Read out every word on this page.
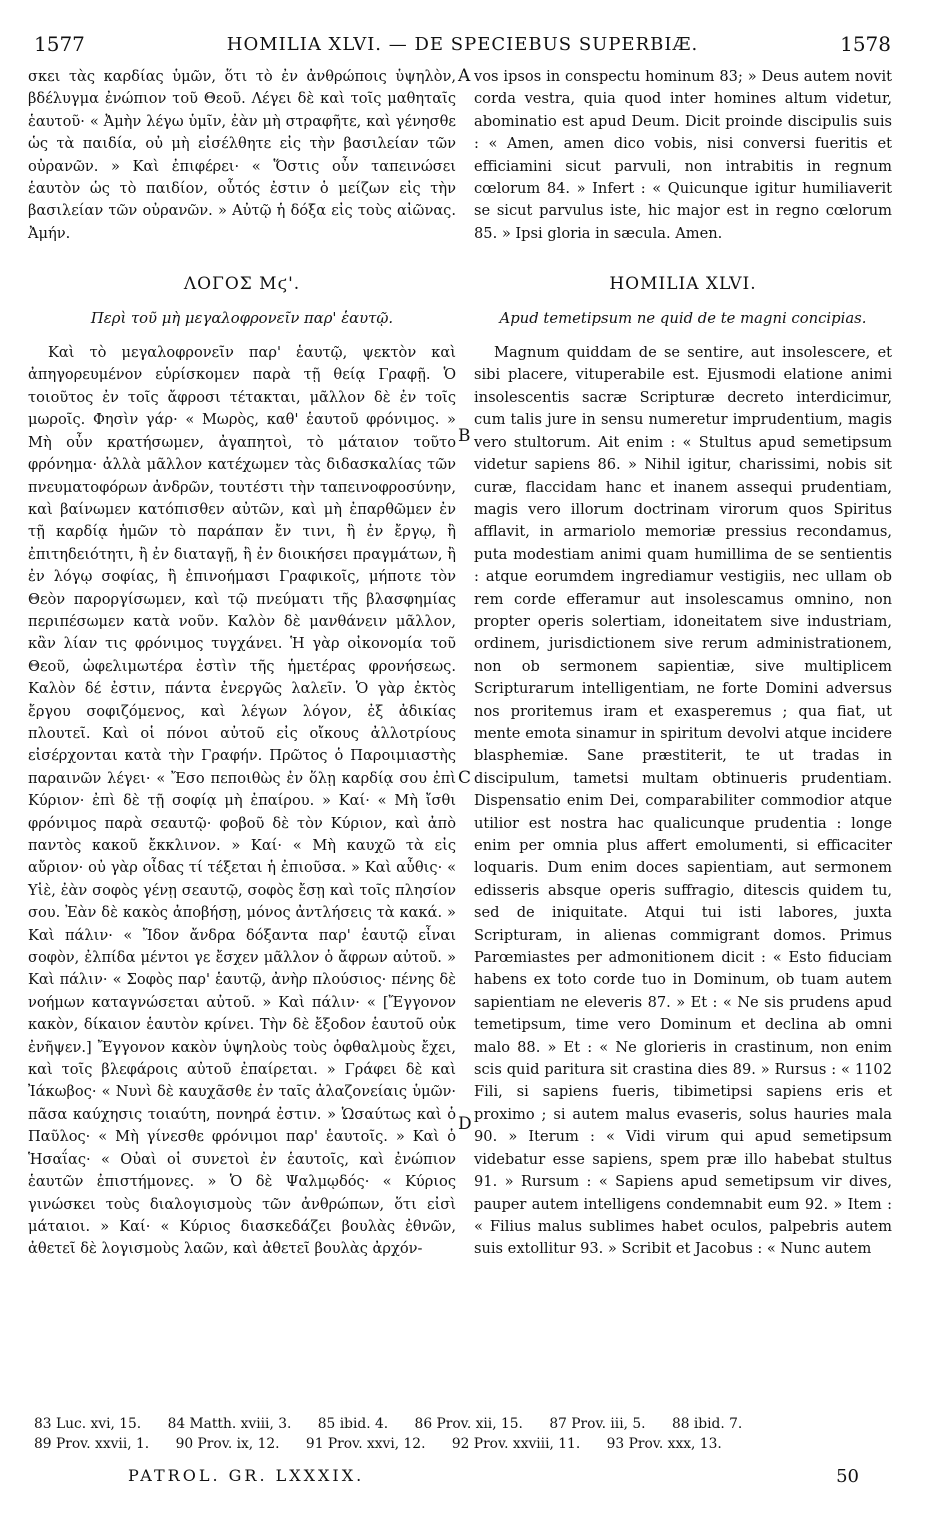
1577	HOMILIA XLVI. — DE SPECIEBUS SUPERBIÆ.	1578

σκει τὰς καρδίας ὑμῶν, ὅτι τὸ ἐν ἀνθρώποις ὑψηλὸν, βδέλυγμα ἐνώπιον τοῦ Θεοῦ. Λέγει δὲ καὶ τοῖς μαθηταῖς ἑαυτοῦ· « Ἀμὴν λέγω ὑμῖν, ἐὰν μὴ στραφῆτε, καὶ γένησθε ὡς τὰ παιδία, οὐ μὴ εἰσέλθητε εἰς τὴν βασιλείαν τῶν οὐρανῶν. » Καὶ ἐπιφέρει· « Ὅστις οὖν ταπεινώσει ἑαυτὸν ὡς τὸ παιδίον, οὗτός ἐστιν ὁ μείζων εἰς τὴν βασιλείαν τῶν οὐρανῶν. » Αὐτῷ ἡ δόξα εἰς τοὺς αἰῶνας. Ἀμήν.

ΛΟΓΟΣ Μϛ'.
Περὶ τοῦ μὴ μεγαλοφρονεῖν παρ' ἑαυτῷ.

Καὶ τὸ μεγαλοφρονεῖν παρ' ἑαυτῷ, ψεκτὸν καὶ ἀπηγορευμένον εὑρίσκομεν παρὰ τῇ θείᾳ Γραφῇ. Ὁ τοιοῦτος ἐν τοῖς ἄφροσι τέτακται, μᾶλλον δὲ ἐν τοῖς μωροῖς. Φησὶν γάρ· « Μωρὸς, καθ' ἑαυτοῦ φρόνιμος. » Μὴ οὖν κρατήσωμεν, ἀγαπητοὶ, τὸ μάταιον τοῦτο φρόνημα· ἀλλὰ μᾶλλον κατέχωμεν τὰς διδασκαλίας τῶν πνευματοφόρων ἀνδρῶν, τουτέστι τὴν ταπεινοφροσύνην, καὶ βαίνωμεν κατόπισθεν αὐτῶν, καὶ μὴ ἐπαρθῶμεν ἐν τῇ καρδίᾳ ἡμῶν τὸ παράπαν ἔν τινι, ἢ ἐν ἔργῳ, ἢ ἐπιτηδειότητι, ἢ ἐν διαταγῇ, ἢ ἐν διοικήσει πραγμάτων, ἢ ἐν λόγῳ σοφίας, ἢ ἐπινοήμασι Γραφικοῖς, μήποτε τὸν Θεὸν παροργίσωμεν, καὶ τῷ πνεύματι τῆς βλασφημίας περιπέσωμεν κατὰ νοῦν. Καλὸν δὲ μανθάνειν μᾶλλον, κἂν λίαν τις φρόνιμος τυγχάνει. Ἡ γὰρ οἰκονομία τοῦ Θεοῦ, ὠφελιμωτέρα ἐστὶν τῆς ἡμετέρας φρονήσεως. Καλὸν δέ ἐστιν, πάντα ἐνεργῶς λαλεῖν. Ὁ γὰρ ἐκτὸς ἔργου σοφιζόμενος, καὶ λέγων λόγον, ἐξ ἀδικίας πλουτεῖ. Καὶ οἱ πόνοι αὐτοῦ εἰς οἴκους ἀλλοτρίους εἰσέρχονται κατὰ τὴν Γραφήν. Πρῶτος ὁ Παροιμιαστὴς παραινῶν λέγει· « Ἔσο πεποιθὼς ἐν ὅλῃ καρδίᾳ σου ἐπὶ Κύριον· ἐπὶ δὲ τῇ σοφίᾳ μὴ ἐπαίρου. » Καί· « Μὴ ἴσθι φρόνιμος παρὰ σεαυτῷ· φοβοῦ δὲ τὸν Κύριον, καὶ ἀπὸ παντὸς κακοῦ ἔκκλινον. » Καί· « Μὴ καυχῶ τὰ εἰς αὔριον· οὐ γὰρ οἶδας τί τέξεται ἡ ἐπιοῦσα. » Καὶ αὖθις· « Υἱὲ, ἐὰν σοφὸς γένῃ σεαυτῷ, σοφὸς ἔσῃ καὶ τοῖς πλησίον σου. Ἐὰν δὲ κακὸς ἀποβήσῃ, μόνος ἀντλήσεις τὰ κακά. » Καὶ πάλιν· « Ἴδον ἄνδρα δόξαντα παρ' ἑαυτῷ εἶναι σοφὸν, ἐλπίδα μέντοι γε ἔσχεν μᾶλλον ὁ ἄφρων αὐτοῦ. » Καὶ πάλιν· « Σοφὸς παρ' ἑαυτῷ, ἀνὴρ πλούσιος· πένης δὲ νοήμων καταγνώσεται αὐτοῦ. » Καὶ πάλιν· « [Ἔγγονον κακὸν, δίκαιον ἑαυτὸν κρίνει. Τὴν δὲ ἔξοδον ἑαυτοῦ οὐκ ἐνῆψεν.] Ἔγγονον κακὸν ὑψηλοὺς τοὺς ὀφθαλμοὺς ἔχει, καὶ τοῖς βλεφάροις αὐτοῦ ἐπαίρεται. » Γράφει δὲ καὶ Ἰάκωβος· « Νυνὶ δὲ καυχᾶσθε ἐν ταῖς ἀλαζονείαις ὑμῶν· πᾶσα καύχησις τοιαύτη, πονηρά ἐστιν. » Ὡσαύτως καὶ ὁ Παῦλος· « Μὴ γίνεσθε φρόνιμοι παρ' ἑαυτοῖς. » Καὶ ὁ Ἡσαΐας· « Οὐαὶ οἱ συνετοὶ ἐν ἑαυτοῖς, καὶ ἐνώπιον ἑαυτῶν ἐπιστήμονες. » Ὁ δὲ Ψαλμῳδός· « Κύριος γινώσκει τοὺς διαλογισμοὺς τῶν ἀνθρώπων, ὅτι εἰσὶ μάταιοι. » Καί· « Κύριος διασκεδάζει βουλὰς ἐθνῶν, ἀθετεῖ δὲ λογισμοὺς λαῶν, καὶ ἀθετεῖ βουλὰς ἀρχόν-

A
B
C
D

vos ipsos in conspectu hominum 83; » Deus autem novit corda vestra, quia quod inter homines altum videtur, abominatio est apud Deum. Dicit proinde discipulis suis : « Amen, amen dico vobis, nisi conversi fueritis et efficiamini sicut parvuli, non intrabitis in regnum cœlorum 84. » Infert : « Quicunque igitur humiliaverit se sicut parvulus iste, hic major est in regno cœlorum 85. » Ipsi gloria in sæcula. Amen.

HOMILIA XLVI.
Apud temetipsum ne quid de te magni concipias.

Magnum quiddam de se sentire, aut insolescere, et sibi placere, vituperabile est. Ejusmodi elatione animi insolescentis sacræ Scripturæ decreto interdicimur, cum talis jure in sensu numeretur imprudentium, magis vero stultorum. Ait enim : « Stultus apud semetipsum videtur sapiens 86. » Nihil igitur, charissimi, nobis sit curæ, flaccidam hanc et inanem assequi prudentiam, magis vero illorum doctrinam virorum quos Spiritus afflavit, in armariolo memoriæ pressius recondamus, puta modestiam animi quam humillima de se sentientis : atque eorumdem ingrediamur vestigiis, nec ullam ob rem corde efferamur aut insolescamus omnino, non propter operis solertiam, idoneitatem sive industriam, ordinem, jurisdictionem sive rerum administrationem, non ob sermonem sapientiæ, sive multiplicem Scripturarum intelligentiam, ne forte Domini adversus nos proritemus iram et exasperemus ; qua fiat, ut mente emota sinamur in spiritum devolvi atque incidere blasphemiæ. Sane præstiterit, te ut tradas in discipulum, tametsi multam obtinueris prudentiam. Dispensatio enim Dei, comparabiliter commodior atque utilior est nostra hac qualicunque prudentia : longe enim per omnia plus affert emolumenti, si efficaciter loquaris. Dum enim doces sapientiam, aut sermonem edisseris absque operis suffragio, ditescis quidem tu, sed de iniquitate. Atqui tui isti labores, juxta Scripturam, in alienas commigrant domos. Primus Parœmiastes per admonitionem dicit : « Esto fiduciam habens ex toto corde tuo in Dominum, ob tuam autem sapientiam ne eleveris 87. » Et : « Ne sis prudens apud temetipsum, time vero Dominum et declina ab omni malo 88. » Et : « Ne glorieris in crastinum, non enim scis quid paritura sit crastina dies 89. » Rursus : « 1102 Fili, si sapiens fueris, tibimetipsi sapiens eris et proximo ; si autem malus evaseris, solus hauries mala 90. » Iterum : « Vidi virum qui apud semetipsum videbatur esse sapiens, spem præ illo habebat stultus 91. » Rursum : « Sapiens apud semetipsum vir dives, pauper autem intelligens condemnabit eum 92. » Item : « Filius malus sublimes habet oculos, palpebris autem suis extollitur 93. » Scribit et Jacobus : « Nunc autem

83 Luc. xvi, 15. 84 Matth. xviii, 3. 85 ibid. 4. 86 Prov. xii, 15. 87 Prov. iii, 5. 88 ibid. 7.
89 Prov. xxvii, 1. 90 Prov. ix, 12. 91 Prov. xxvi, 12. 92 Prov. xxviii, 11. 93 Prov. xxx, 13.
PATROL. GR. LXXXIX.	50
